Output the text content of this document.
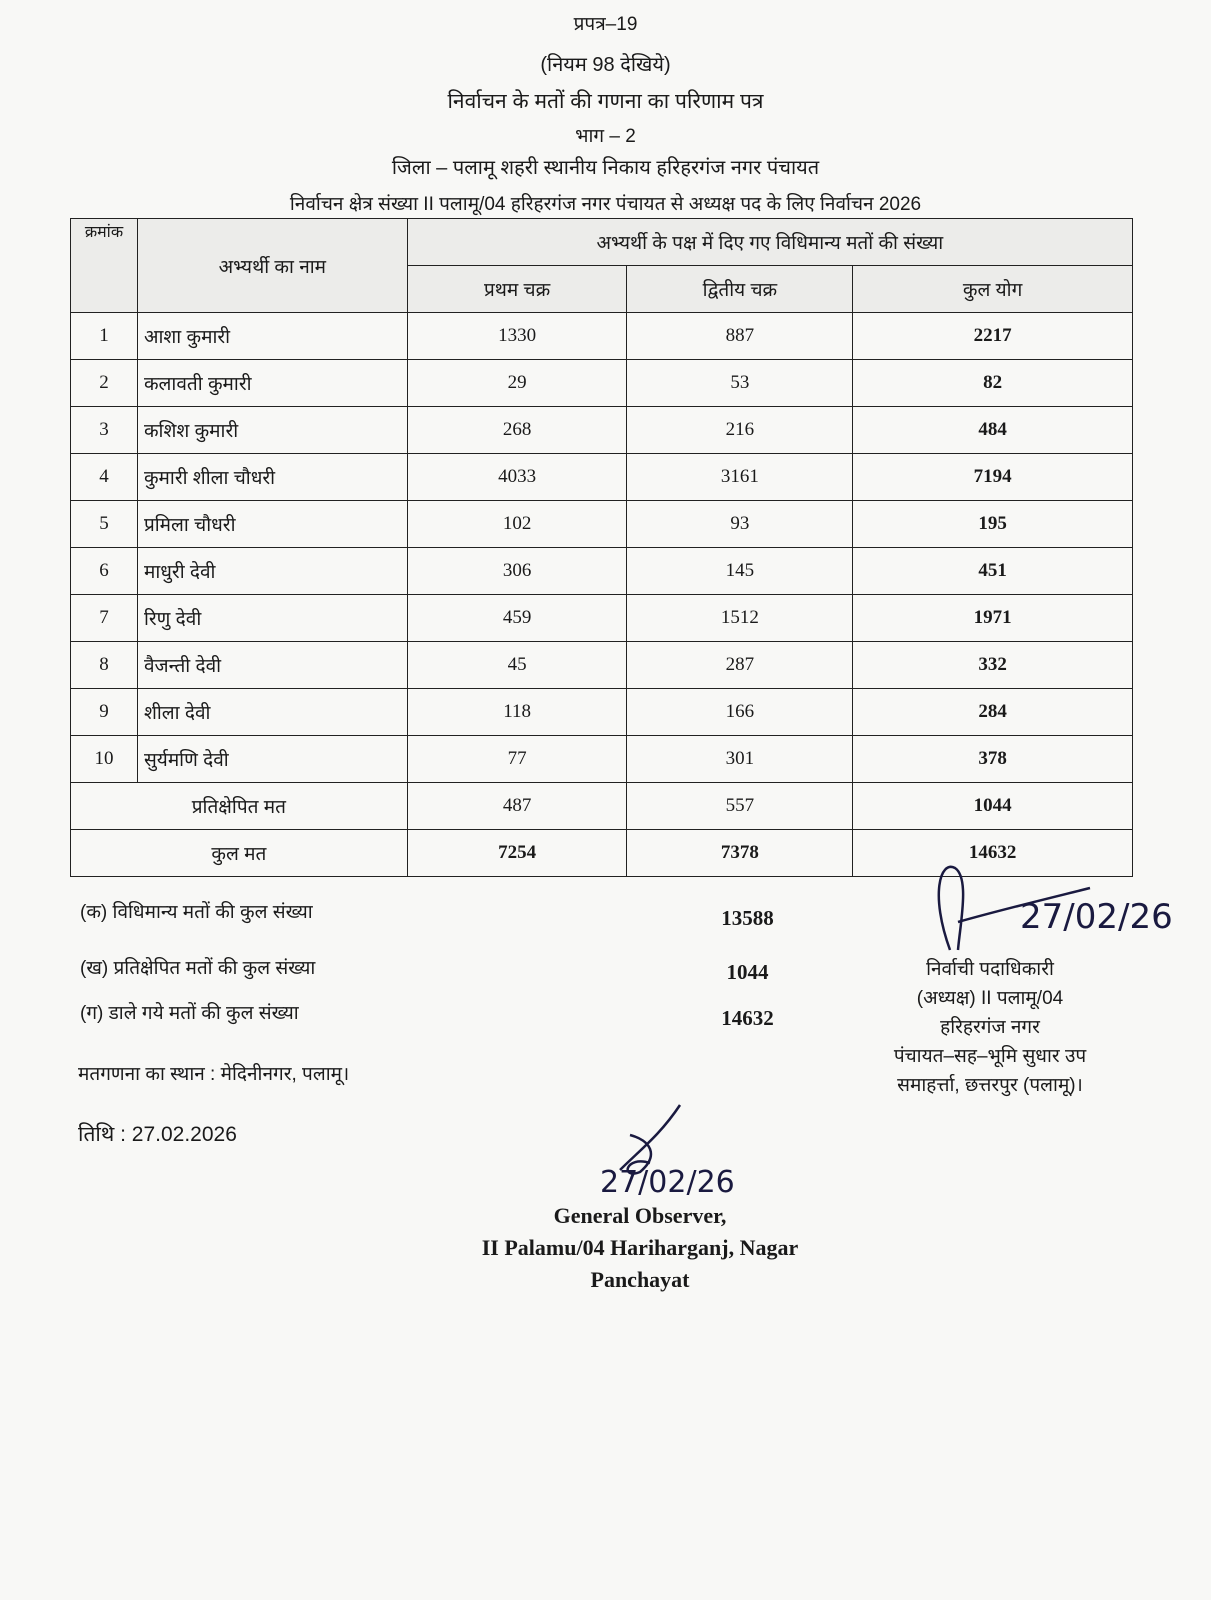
प्रपत्र–19
(नियम 98 देखिये)
निर्वाचन के मतों की गणना का परिणाम पत्र
भाग – 2
जिला – पलामू शहरी स्थानीय निकाय हरिहरगंज नगर पंचायत
निर्वाचन क्षेत्र संख्या II पलामू/04 हरिहरगंज नगर पंचायत से अध्यक्ष पद के लिए निर्वाचन 2026
क्रमांक	अभ्यर्थी का नाम	अभ्यर्थी के पक्ष में दिए गए विधिमान्य मतों की संख्या		
		प्रथम चक्र	द्वितीय चक्र	कुल योग
1	आशा कुमारी	1330	887	2217
2	कलावती कुमारी	29	53	82
3	कशिश कुमारी	268	216	484
4	कुमारी शीला चौधरी	4033	3161	7194
5	प्रमिला चौधरी	102	93	195
6	माधुरी देवी	306	145	451
7	रिणु देवी	459	1512	1971
8	वैजन्ती देवी	45	287	332
9	शीला देवी	118	166	284
10	सुर्यमणि देवी	77	301	378
प्रतिक्षेपित मत		487	557	1044
कुल मत		7254	7378	14632
(क) विधिमान्य मतों की कुल संख्या	13588
(ख) प्रतिक्षेपित मतों की कुल संख्या	1044
(ग) डाले गये मतों की कुल संख्या	14632
मतगणना का स्थान : मेदिनीनगर, पलामू।
तिथि : 27.02.2026
27/02/26
निर्वाची पदाधिकारी
(अध्यक्ष) II पलामू/04
हरिहरगंज नगर
पंचायत–सह–भूमि सुधार उप
समाहर्त्ता, छत्तरपुर (पलामू)।
27/02/26
General Observer,
II Palamu/04 Hariharganj, Nagar
Panchayat
